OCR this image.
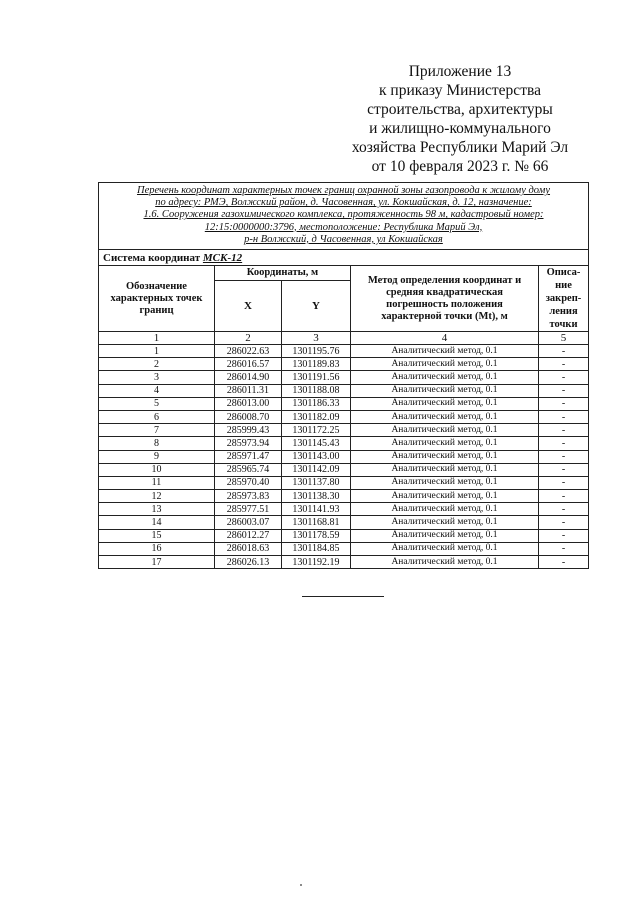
Приложение 13
к приказу Министерства
строительства, архитектуры
и жилищно-коммунального
хозяйства Республики Марий Эл
от 10 февраля 2023 г. № 66
Перечень координат характерных точек границ охранной зоны газопровода к жилому дому
по адресу: РМЭ, Волжский район, д. Часовенная, ул. Кокшайская, д. 12, назначение:
1.6. Сооружения газохимического комплекса, протяженность 98 м, кадастровый номер:
12:15:0000000:3796, местоположение: Республика Марий Эл,
р-н Волжский, д Часовенная, ул Кокшайская				

Система координат МСК-12				
Обозначение характерных точек границ	Координаты, м		Метод определения координат и средняя квадратическая погрешность положения характерной точки (Mt), м	Описа-
ние
закреп-
ления
точки

	X	Y		
1	2	3	4	5
1	286022.63	1301195.76	Аналитический метод, 0.1	-
2	286016.57	1301189.83	Аналитический метод, 0.1	-
3	286014.90	1301191.56	Аналитический метод, 0.1	-
4	286011.31	1301188.08	Аналитический метод, 0.1	-
5	286013.00	1301186.33	Аналитический метод, 0.1	-
6	286008.70	1301182.09	Аналитический метод, 0.1	-
7	285999.43	1301172.25	Аналитический метод, 0.1	-
8	285973.94	1301145.43	Аналитический метод, 0.1	-
9	285971.47	1301143.00	Аналитический метод, 0.1	-
10	285965.74	1301142.09	Аналитический метод, 0.1	-
11	285970.40	1301137.80	Аналитический метод, 0.1	-
12	285973.83	1301138.30	Аналитический метод, 0.1	-
13	285977.51	1301141.93	Аналитический метод, 0.1	-
14	286003.07	1301168.81	Аналитический метод, 0.1	-
15	286012.27	1301178.59	Аналитический метод, 0.1	-
16	286018.63	1301184.85	Аналитический метод, 0.1	-
17	286026.13	1301192.19	Аналитический метод, 0.1	-
